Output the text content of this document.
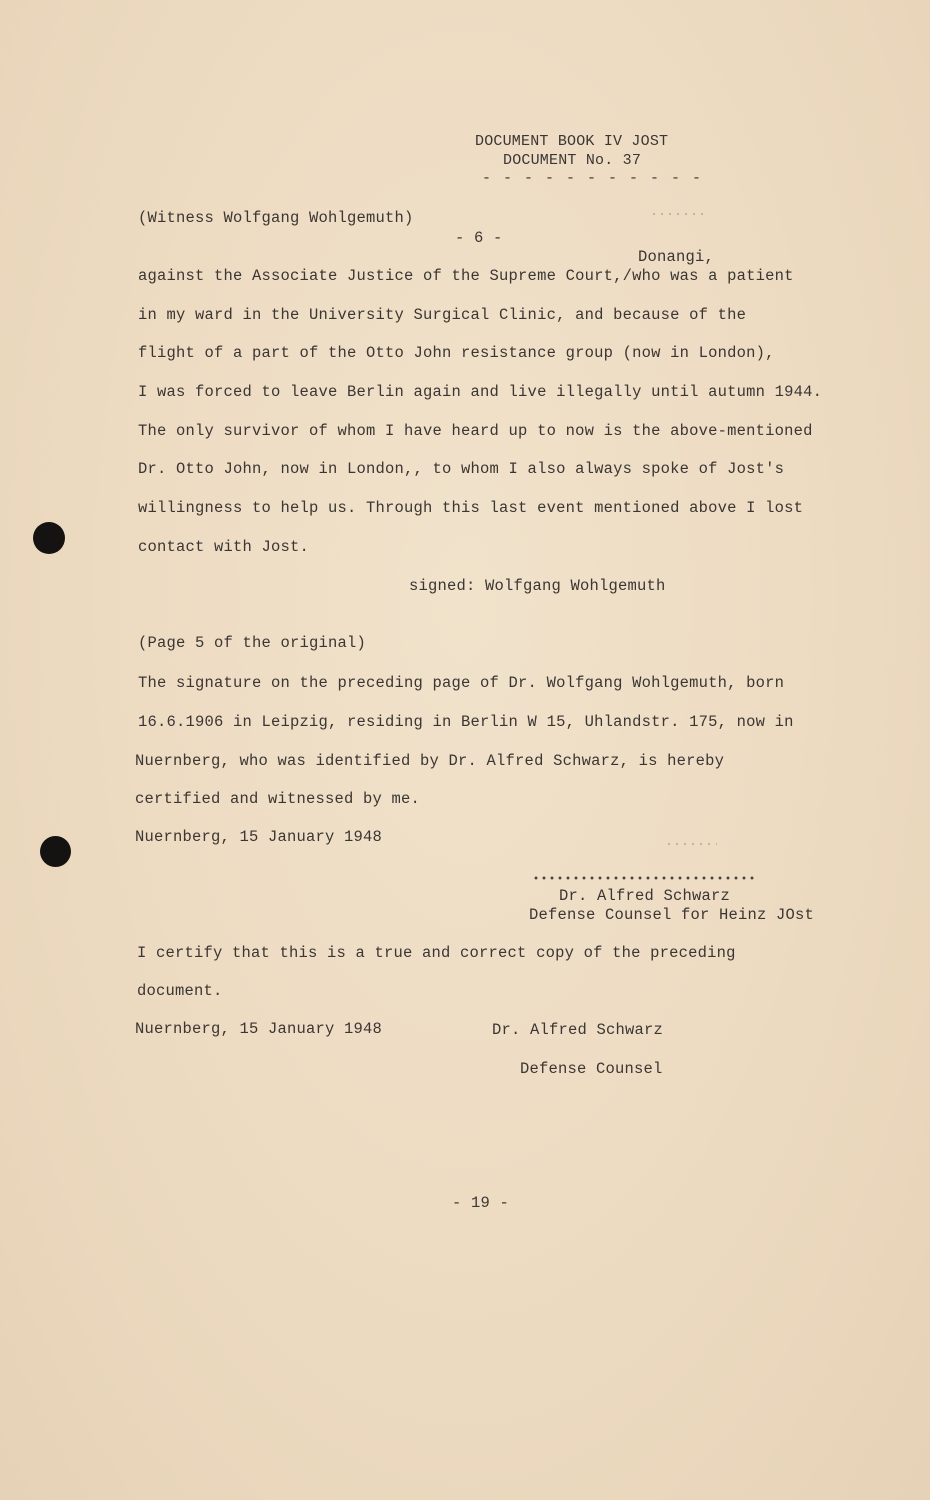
DOCUMENT BOOK IV JOST
DOCUMENT No. 37
- - - - - - - - - - -
(Witness Wolfgang Wohlgemuth)
- 6 -
Donangi,
against the Associate Justice of the Supreme Court,/who was a patient
in my ward in the University Surgical Clinic, and because of the
flight of a part of the Otto John resistance group (now in London),
I was forced to leave Berlin again and live illegally until autumn 1944.
The only survivor of whom I have heard up to now is the above-mentioned
Dr. Otto John, now in London,, to whom I also always spoke of Jost's
willingness to help us. Through this last event mentioned above I lost
contact with Jost.
signed: Wolfgang Wohlgemuth
(Page 5 of the original)
The signature on the preceding page of Dr. Wolfgang Wohlgemuth, born
16.6.1906 in Leipzig, residing in Berlin W 15, Uhlandstr. 175, now in
Nuernberg, who was identified by Dr. Alfred Schwarz, is hereby
certified and witnessed by me.
Nuernberg, 15 January 1948
Dr. Alfred Schwarz
Defense Counsel for Heinz JOst
I certify that this is a true and correct copy of the preceding
document.
Nuernberg, 15 January 1948	Dr. Alfred Schwarz
Defense Counsel
- 19 -
